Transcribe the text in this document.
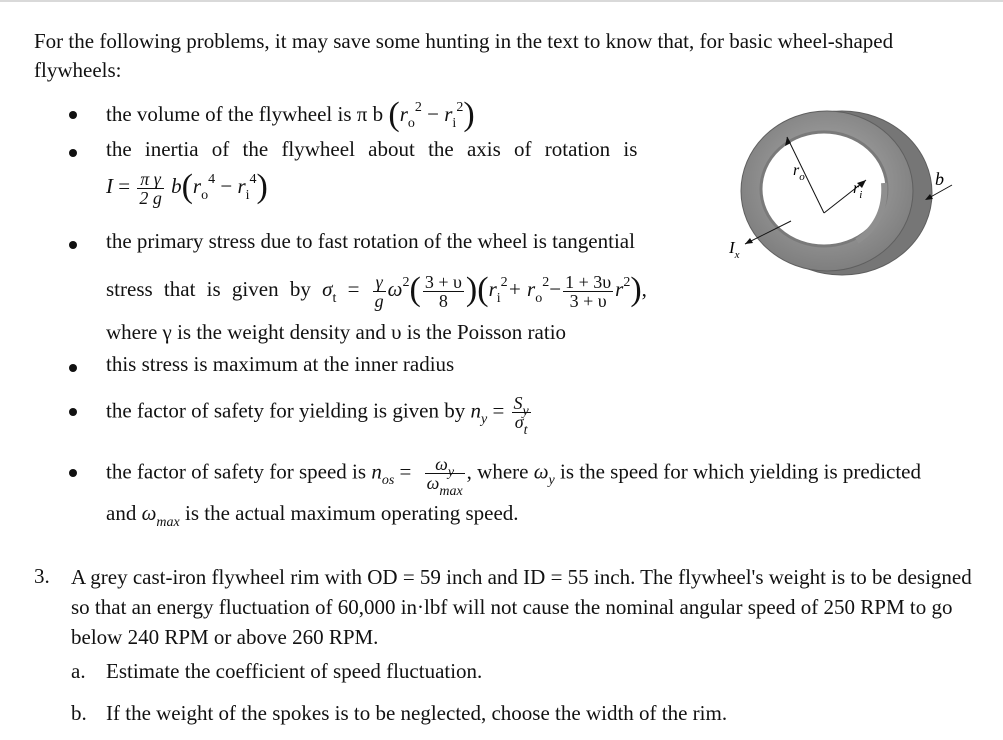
For the following problems, it may save some hunting in the text to know that, for basic wheel-shaped flywheels:
the volume of the flywheel is π b $(r_o^2 - r_i^2)$
the inertia of the flywheel about the axis of rotation is
$I = \frac{\text{π γ}}{2 g} b(r_o^4 - r_i^4)$
the primary stress due to fast rotation of the wheel is tangential
stress that is given by $\sigma_t = \frac{\gamma}{g} \omega^2( \frac{3 + \upsilon}{8} )(r_i^2+ r_o^2- \frac{1 + 3\upsilon}{3 + \upsilon} r^2)$,
where γ is the weight density and υ is the Poisson ratio
this stress is maximum at the inner radius
the factor of safety for yielding is given by $n_y = \frac{S_y}{\sigma_t}$
the factor of safety for speed is $n_{os} = \frac{\omega_y}{\omega_{max}}$ , where $\omega_y$ is the speed for which yielding is predicted
and $\omega_{max}$ is the actual maximum operating speed.
$r_o$
$r_i$
b
$I_x$
3. A grey cast-iron flywheel rim with OD = 59 inch and ID = 55 inch. The flywheel's weight is to be designed so that an energy fluctuation of 60,000 in·lbf will not cause the nominal angular speed of 250 RPM to go below 240 RPM or above 260 RPM.
a. Estimate the coefficient of speed fluctuation.
b. If the weight of the spokes is to be neglected, choose the width of the rim.
